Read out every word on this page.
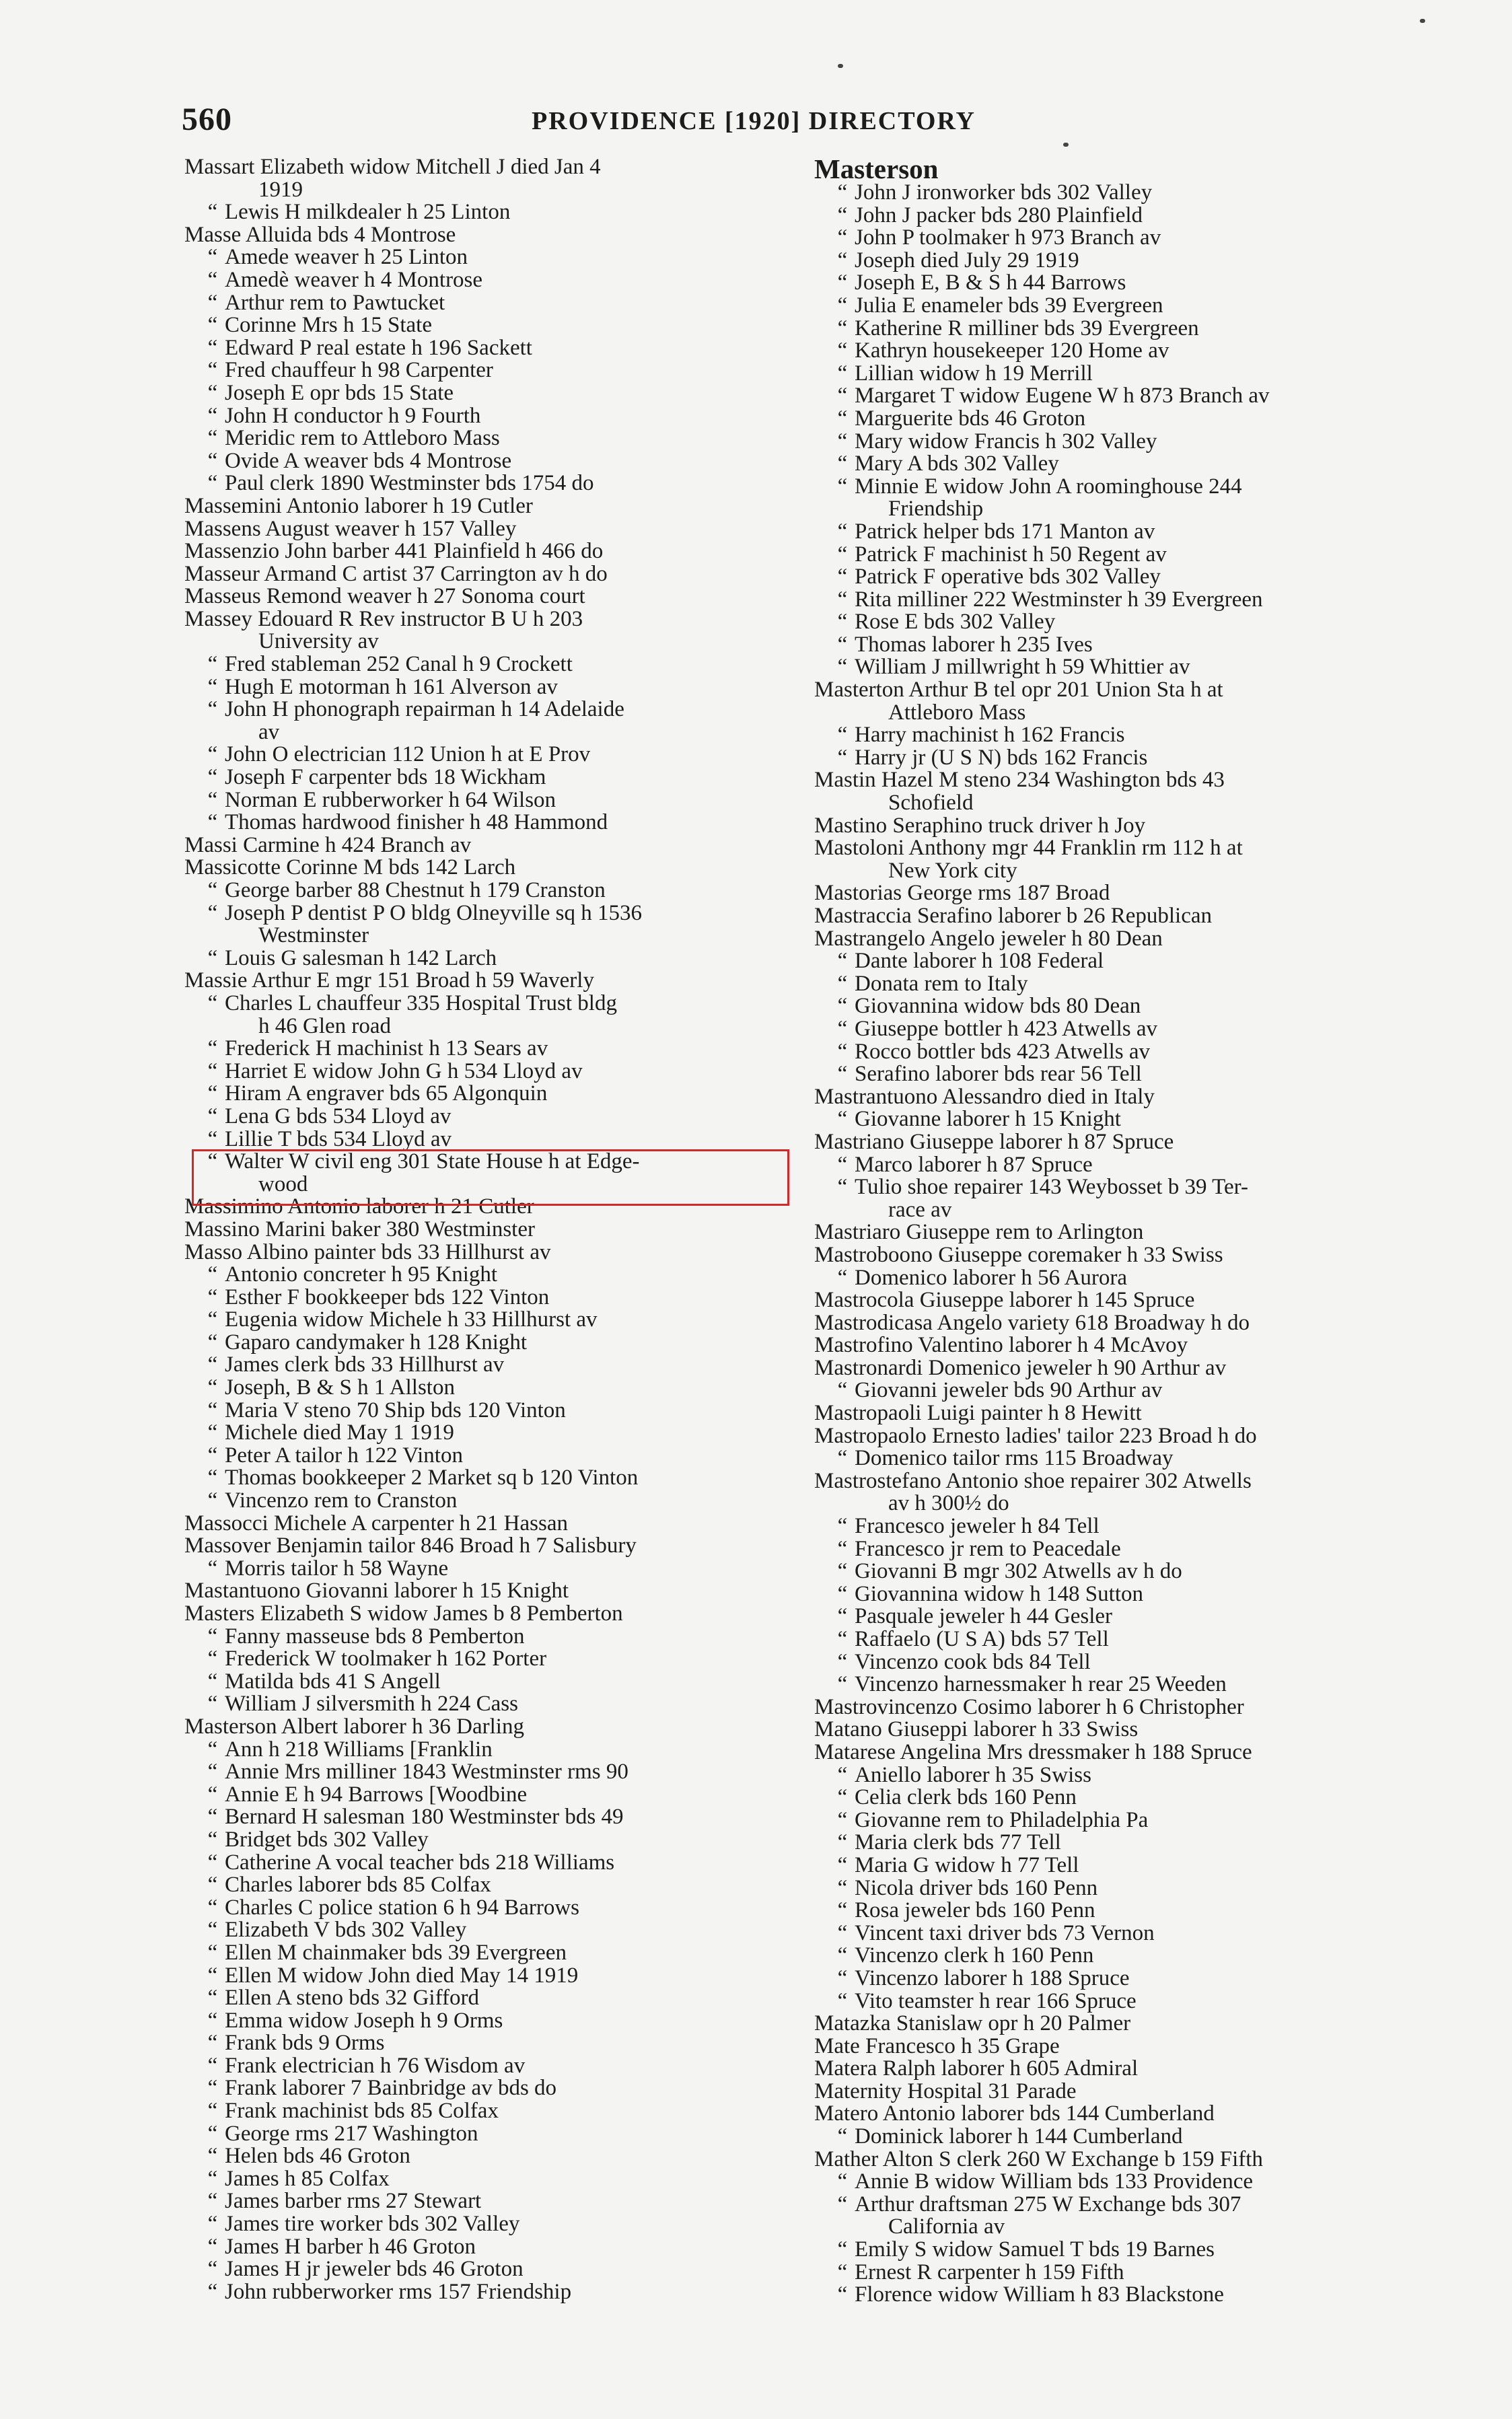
560	PROVIDENCE [1920] DIRECTORY
Massart Elizabeth widow Mitchell J died Jan 4
1919
“ Lewis H milkdealer h 25 Linton
Masse Alluida bds 4 Montrose
“ Amede weaver h 25 Linton
“ Amedè weaver h 4 Montrose
“ Arthur rem to Pawtucket
“ Corinne Mrs h 15 State
“ Edward P real estate h 196 Sackett
“ Fred chauffeur h 98 Carpenter
“ Joseph E opr bds 15 State
“ John H conductor h 9 Fourth
“ Meridic rem to Attleboro Mass
“ Ovide A weaver bds 4 Montrose
“ Paul clerk 1890 Westminster bds 1754 do
Massemini Antonio laborer h 19 Cutler
Massens August weaver h 157 Valley
Massenzio John barber 441 Plainfield h 466 do
Masseur Armand C artist 37 Carrington av h do
Masseus Remond weaver h 27 Sonoma court
Massey Edouard R Rev instructor B U h 203
University av
“ Fred stableman 252 Canal h 9 Crockett
“ Hugh E motorman h 161 Alverson av
“ John H phonograph repairman h 14 Adelaide
av
“ John O electrician 112 Union h at E Prov
“ Joseph F carpenter bds 18 Wickham
“ Norman E rubberworker h 64 Wilson
“ Thomas hardwood finisher h 48 Hammond
Massi Carmine h 424 Branch av
Massicotte Corinne M bds 142 Larch
“ George barber 88 Chestnut h 179 Cranston
“ Joseph P dentist P O bldg Olneyville sq h 1536
Westminster
“ Louis G salesman h 142 Larch
Massie Arthur E mgr 151 Broad h 59 Waverly
“ Charles L chauffeur 335 Hospital Trust bldg
h 46 Glen road
“ Frederick H machinist h 13 Sears av
“ Harriet E widow John G h 534 Lloyd av
“ Hiram A engraver bds 65 Algonquin
“ Lena G bds 534 Lloyd av
“ Lillie T bds 534 Lloyd av
“ Walter W civil eng 301 State House h at Edge-
wood
Massimino Antonio laborer h 21 Cutler
Massino Marini baker 380 Westminster
Masso Albino painter bds 33 Hillhurst av
“ Antonio concreter h 95 Knight
“ Esther F bookkeeper bds 122 Vinton
“ Eugenia widow Michele h 33 Hillhurst av
“ Gaparo candymaker h 128 Knight
“ James clerk bds 33 Hillhurst av
“ Joseph, B & S h 1 Allston
“ Maria V steno 70 Ship bds 120 Vinton
“ Michele died May 1 1919
“ Peter A tailor h 122 Vinton
“ Thomas bookkeeper 2 Market sq b 120 Vinton
“ Vincenzo rem to Cranston
Massocci Michele A carpenter h 21 Hassan
Massover Benjamin tailor 846 Broad h 7 Salisbury
“ Morris tailor h 58 Wayne
Mastantuono Giovanni laborer h 15 Knight
Masters Elizabeth S widow James b 8 Pemberton
“ Fanny masseuse bds 8 Pemberton
“ Frederick W toolmaker h 162 Porter
“ Matilda bds 41 S Angell
“ William J silversmith h 224 Cass
Masterson Albert laborer h 36 Darling
“ Ann h 218 Williams [Franklin
“ Annie Mrs milliner 1843 Westminster rms 90
“ Annie E h 94 Barrows [Woodbine
“ Bernard H salesman 180 Westminster bds 49
“ Bridget bds 302 Valley
“ Catherine A vocal teacher bds 218 Williams
“ Charles laborer bds 85 Colfax
“ Charles C police station 6 h 94 Barrows
“ Elizabeth V bds 302 Valley
“ Ellen M chainmaker bds 39 Evergreen
“ Ellen M widow John died May 14 1919
“ Ellen A steno bds 32 Gifford
“ Emma widow Joseph h 9 Orms
“ Frank bds 9 Orms
“ Frank electrician h 76 Wisdom av
“ Frank laborer 7 Bainbridge av bds do
“ Frank machinist bds 85 Colfax
“ George rms 217 Washington
“ Helen bds 46 Groton
“ James h 85 Colfax
“ James barber rms 27 Stewart
“ James tire worker bds 302 Valley
“ James H barber h 46 Groton
“ James H jr jeweler bds 46 Groton
“ John rubberworker rms 157 Friendship
Masterson
“ John J ironworker bds 302 Valley
“ John J packer bds 280 Plainfield
“ John P toolmaker h 973 Branch av
“ Joseph died July 29 1919
“ Joseph E, B & S h 44 Barrows
“ Julia E enameler bds 39 Evergreen
“ Katherine R milliner bds 39 Evergreen
“ Kathryn housekeeper 120 Home av
“ Lillian widow h 19 Merrill
“ Margaret T widow Eugene W h 873 Branch av
“ Marguerite bds 46 Groton
“ Mary widow Francis h 302 Valley
“ Mary A bds 302 Valley
“ Minnie E widow John A roominghouse 244
Friendship
“ Patrick helper bds 171 Manton av
“ Patrick F machinist h 50 Regent av
“ Patrick F operative bds 302 Valley
“ Rita milliner 222 Westminster h 39 Evergreen
“ Rose E bds 302 Valley
“ Thomas laborer h 235 Ives
“ William J millwright h 59 Whittier av
Masterton Arthur B tel opr 201 Union Sta h at
Attleboro Mass
“ Harry machinist h 162 Francis
“ Harry jr (U S N) bds 162 Francis
Mastin Hazel M steno 234 Washington bds 43
Schofield
Mastino Seraphino truck driver h Joy
Mastoloni Anthony mgr 44 Franklin rm 112 h at
New York city
Mastorias George rms 187 Broad
Mastraccia Serafino laborer b 26 Republican
Mastrangelo Angelo jeweler h 80 Dean
“ Dante laborer h 108 Federal
“ Donata rem to Italy
“ Giovannina widow bds 80 Dean
“ Giuseppe bottler h 423 Atwells av
“ Rocco bottler bds 423 Atwells av
“ Serafino laborer bds rear 56 Tell
Mastrantuono Alessandro died in Italy
“ Giovanne laborer h 15 Knight
Mastriano Giuseppe laborer h 87 Spruce
“ Marco laborer h 87 Spruce
“ Tulio shoe repairer 143 Weybosset b 39 Ter-
race av
Mastriaro Giuseppe rem to Arlington
Mastroboono Giuseppe coremaker h 33 Swiss
“ Domenico laborer h 56 Aurora
Mastrocola Giuseppe laborer h 145 Spruce
Mastrodicasa Angelo variety 618 Broadway h do
Mastrofino Valentino laborer h 4 McAvoy
Mastronardi Domenico jeweler h 90 Arthur av
“ Giovanni jeweler bds 90 Arthur av
Mastropaoli Luigi painter h 8 Hewitt
Mastropaolo Ernesto ladies' tailor 223 Broad h do
“ Domenico tailor rms 115 Broadway
Mastrostefano Antonio shoe repairer 302 Atwells
av h 300½ do
“ Francesco jeweler h 84 Tell
“ Francesco jr rem to Peacedale
“ Giovanni B mgr 302 Atwells av h do
“ Giovannina widow h 148 Sutton
“ Pasquale jeweler h 44 Gesler
“ Raffaelo (U S A) bds 57 Tell
“ Vincenzo cook bds 84 Tell
“ Vincenzo harnessmaker h rear 25 Weeden
Mastrovincenzo Cosimo laborer h 6 Christopher
Matano Giuseppi laborer h 33 Swiss
Matarese Angelina Mrs dressmaker h 188 Spruce
“ Aniello laborer h 35 Swiss
“ Celia clerk bds 160 Penn
“ Giovanne rem to Philadelphia Pa
“ Maria clerk bds 77 Tell
“ Maria G widow h 77 Tell
“ Nicola driver bds 160 Penn
“ Rosa jeweler bds 160 Penn
“ Vincent taxi driver bds 73 Vernon
“ Vincenzo clerk h 160 Penn
“ Vincenzo laborer h 188 Spruce
“ Vito teamster h rear 166 Spruce
Matazka Stanislaw opr h 20 Palmer
Mate Francesco h 35 Grape
Matera Ralph laborer h 605 Admiral
Maternity Hospital 31 Parade
Matero Antonio laborer bds 144 Cumberland
“ Dominick laborer h 144 Cumberland
Mather Alton S clerk 260 W Exchange b 159 Fifth
“ Annie B widow William bds 133 Providence
“ Arthur draftsman 275 W Exchange bds 307
California av
“ Emily S widow Samuel T bds 19 Barnes
“ Ernest R carpenter h 159 Fifth
“ Florence widow William h 83 Blackstone
